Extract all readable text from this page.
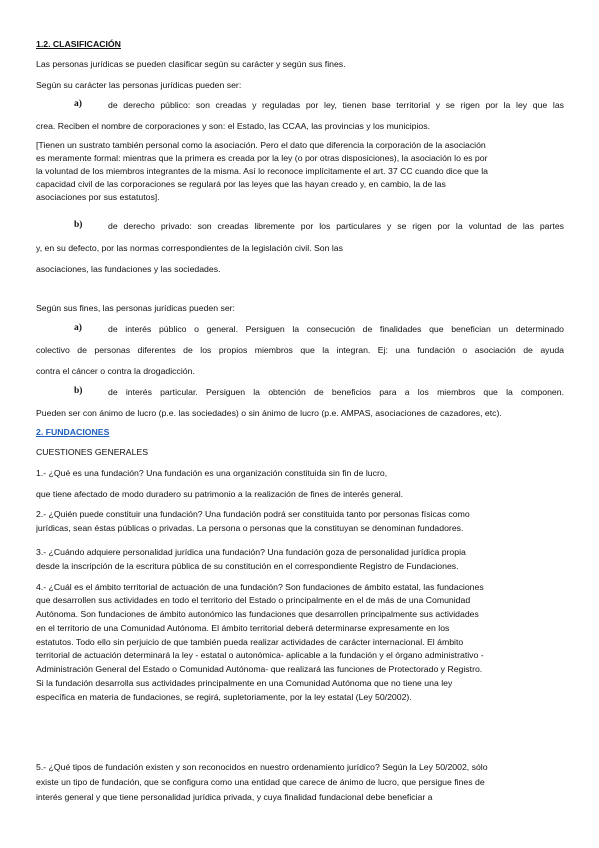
1.2. CLASIFICACIÓN
Las personas jurídicas se pueden clasificar según su carácter y según sus fines.
Según su carácter las personas jurídicas pueden ser:
a)	de derecho público: son creadas y reguladas por ley, tienen base territorial y se rigen por la ley que las
crea. Reciben el nombre de corporaciones y son: el Estado, las CCAA, las provincias y los municipios.
[Tienen un sustrato también personal como la asociación. Pero el dato que diferencia la corporación de la asociación
es meramente formal: mientras que la primera es creada por la ley (o por otras disposiciones), la asociación lo es por
la voluntad de los miembros integrantes de la misma. Así lo reconoce implícitamente el art. 37 CC cuando dice que la
capacidad civil de las corporaciones se regulará por las leyes que las hayan creado y, en cambio, la de las
asociaciones por sus estatutos].
b)	de derecho privado: son creadas libremente por los particulares y se rigen por la voluntad de las partes
y, en su defecto, por las normas correspondientes de la legislación civil. Son las
asociaciones, las fundaciones y las sociedades.
Según sus fines, las personas jurídicas pueden ser:
a)	de interés público o general. Persiguen la consecución de finalidades que benefician un determinado
colectivo de personas diferentes de los propios miembros que la integran. Ej: una fundación o asociación de ayuda
contra el cáncer o contra la drogadicción.
b)	de interés particular. Persiguen la obtención de beneficios para a los miembros que la componen.
Pueden ser con ánimo de lucro (p.e. las sociedades) o sin ánimo de lucro (p.e. AMPAS, asociaciones de cazadores, etc).
2. FUNDACIONES
CUESTIONES GENERALES
1.- ¿Qué es una fundación? Una fundación es una organización constituida sin fin de lucro,
que tiene afectado de modo duradero su patrimonio a la realización de fines de interés general.
2.- ¿Quién puede constituir una fundación? Una fundación podrá ser constituida tanto por personas físicas como
jurídicas, sean éstas públicas o privadas. La persona o personas que la constituyan se denominan fundadores.
3.- ¿Cuándo adquiere personalidad jurídica una fundación? Una fundación goza de personalidad jurídica propia
desde la inscripción de la escritura pública de su constitución en el correspondiente Registro de Fundaciones.
4.- ¿Cuál es el ámbito territorial de actuación de una fundación? Son fundaciones de ámbito estatal, las fundaciones
que desarrollen sus actividades en todo el territorio del Estado o principalmente en el de más de una Comunidad
Autónoma. Son fundaciones de ámbito autonómico las fundaciones que desarrollen principalmente sus actividades
en el territorio de una Comunidad Autónoma. El ámbito territorial deberá determinarse expresamente en los
estatutos. Todo ello sin perjuicio de que también pueda realizar actividades de carácter internacional. El ámbito
territorial de actuación determinará la ley - estatal o autonómica- aplicable a la fundación y el órgano administrativo -
Administración General del Estado o Comunidad Autónoma- que realizará las funciones de Protectorado y Registro.
Si la fundación desarrolla sus actividades principalmente en una Comunidad Autónoma que no tiene una ley
específica en materia de fundaciones, se regirá, supletoriamente, por la ley estatal (Ley 50/2002).
5.- ¿Qué tipos de fundación existen y son reconocidos en nuestro ordenamiento jurídico? Según la Ley 50/2002, sólo
existe un tipo de fundación, que se configura como una entidad que carece de ánimo de lucro, que persigue fines de
interés general y que tiene personalidad jurídica privada, y cuya finalidad fundacional debe beneficiar a
